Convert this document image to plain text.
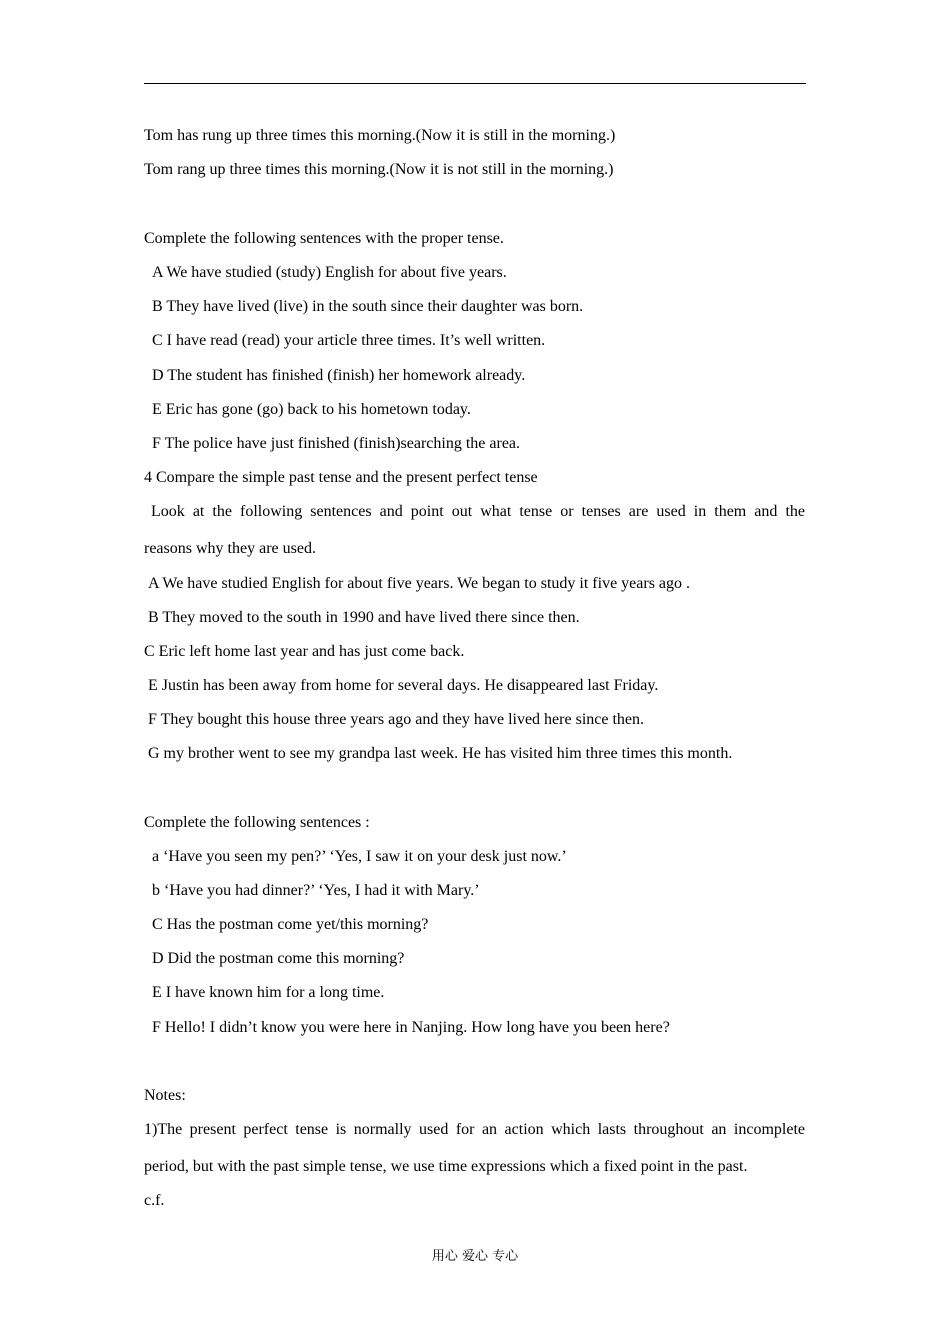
Tom has rung up three times this morning.(Now it is still in the morning.)
Tom rang up three times this morning.(Now it is not still in the morning.)
Complete the following sentences with the proper tense.
A We have studied (study) English for about five years.
B They have lived (live) in the south since their daughter was born.
C I have read (read) your article three times. It’s well written.
D The student has finished (finish) her homework already.
E Eric has gone (go) back to his hometown today.
F The police have just finished (finish)searching the area.
4 Compare the simple past tense and the present perfect tense
Look at the following sentences and point out what tense or tenses are used in them and the
reasons why they are used.
A We have studied English for about five years. We began to study it five years ago .
B They moved to the south in 1990 and have lived there since then.
C Eric left home last year and has just come back.
E Justin has been away from home for several days. He disappeared last Friday.
F They bought this house three years ago and they have lived here since then.
G my brother went to see my grandpa last week. He has visited him three times this month.
Complete the following sentences :
a ‘Have you seen my pen?’ ‘Yes, I saw it on your desk just now.’
b ‘Have you had dinner?’ ‘Yes, I had it with Mary.’
C Has the postman come yet/this morning?
D Did the postman come this morning?
E I have known him for a long time.
F Hello! I didn’t know you were here in Nanjing. How long have you been here?
Notes:
1)The present perfect tense is normally used for an action which lasts throughout an incomplete
period, but with the past simple tense, we use time expressions which a fixed point in the past.
c.f.
用心 爱心 专心
